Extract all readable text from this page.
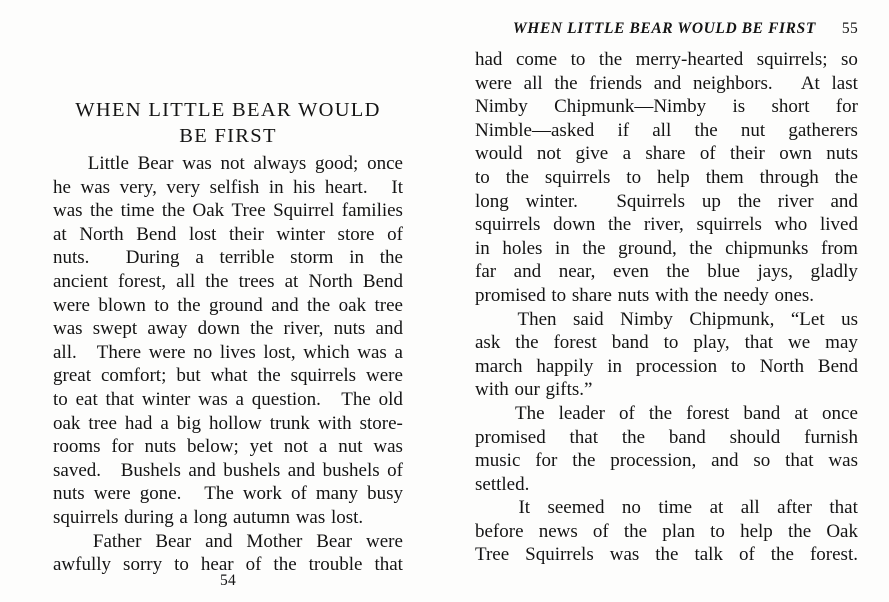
WHEN LITTLE BEAR WOULD BE FIRST 55
WHEN LITTLE BEAR WOULD
BE FIRST
Little Bear was not always good; once
he was very, very selfish in his heart.
It
was the time the Oak Tree Squirrel families
at North Bend lost their winter store of
nuts.
During a terrible storm in the
ancient forest, all the trees at North Bend
were blown to the ground and the oak tree
was swept away down the river, nuts and
all.
There were no lives lost, which was a
great comfort; but what the squirrels were
to eat that winter was a question.
The old
oak tree had a big hollow trunk with store-
rooms for nuts below; yet not a nut was
saved.
Bushels and bushels and bushels of
nuts were gone.
The work of many busy
squirrels during a long autumn was lost.
Father Bear and Mother Bear were
awfully sorry to hear of the trouble that
had come to the merry-hearted squirrels; so
were all the friends and neighbors.
At last
Nimby Chipmunk—Nimby is short for
Nimble—asked if all the nut gatherers
would not give a share of their own nuts
to the squirrels to help them through the
long winter.
Squirrels up the river and
squirrels down the river, squirrels who lived
in holes in the ground, the chipmunks from
far and near, even the blue jays, gladly
promised to share nuts with the needy ones.
Then said Nimby Chipmunk, “Let us
ask the forest band to play, that we may
march happily in procession to North Bend
with our gifts.”
The leader of the forest band at once
promised that the band should furnish
music for the procession, and so that was
settled.
It seemed no time at all after that
before news of the plan to help the Oak
Tree Squirrels was the talk of the forest.
54
